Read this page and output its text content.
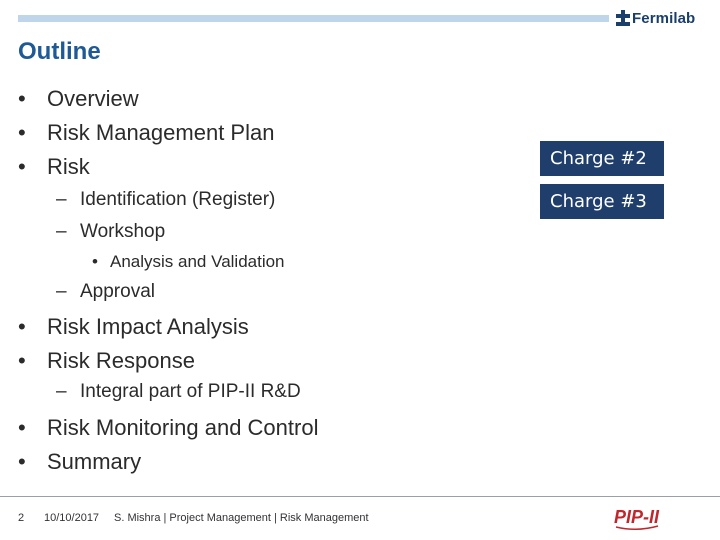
Fermilab
Outline
• Overview
• Risk Management Plan
• Risk
– Identification (Register)
– Workshop
• Analysis and Validation
– Approval
• Risk Impact Analysis
• Risk Response
– Integral part of PIP-II R&D
• Risk Monitoring and Control
• Summary
Charge #2
Charge #3
2 10/10/2017 S. Mishra | Project Management | Risk Management	PIP-II
